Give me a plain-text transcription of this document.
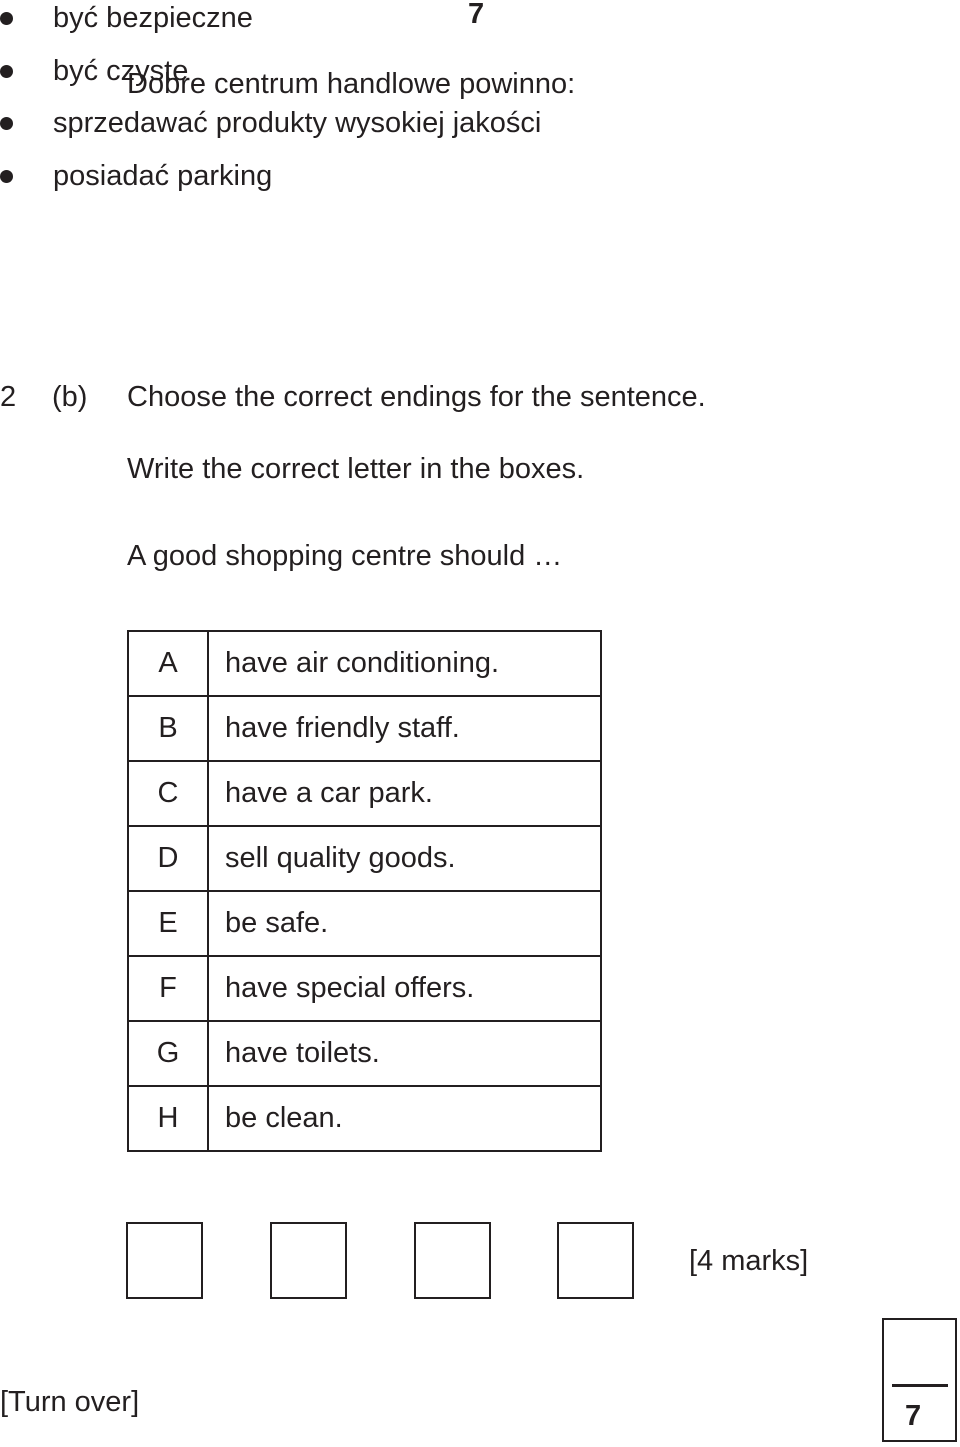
7
Dobre centrum handlowe powinno:
być bezpieczne
być czyste
sprzedawać produkty wysokiej jakości
posiadać parking
2 (b) Choose the correct endings for the sentence.
Write the correct letter in the boxes.
A good shopping centre should …
A	have air conditioning.
B	have friendly staff.
C	have a car park.
D	sell quality goods.
E	be safe.
F	have special offers.
G	have toilets.
H	be clean.
[4 marks]
[Turn over]	7
